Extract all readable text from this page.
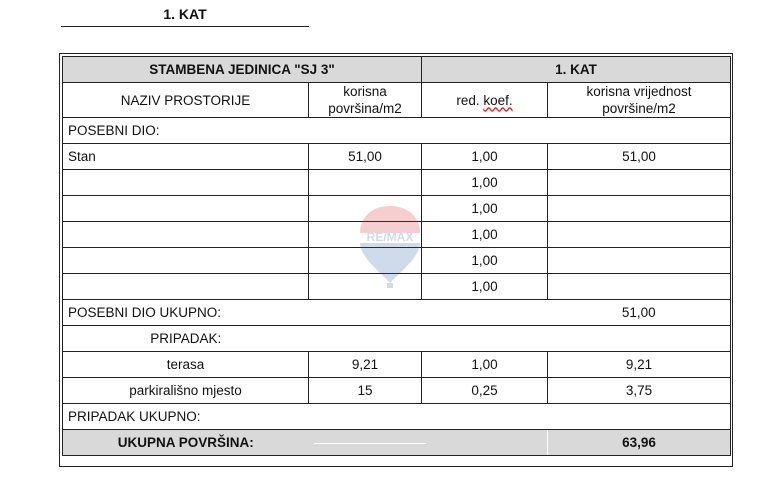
1. KAT
STAMBENA JEDINICA "SJ 3"		1. KAT	
NAZIV PROSTORIJE	korisna površina/m2	red. koef.	korisna vrijednost površine/m2
POSEBNI DIO:			
Stan	51,00	1,00	51,00
		1,00	
		1,00	
		1,00	
		1,00	
		1,00	
POSEBNI DIO UKUPNO:			51,00
PRIPADAK:			
terasa	9,21	1,00	9,21
parkirališno mjesto	15	0,25	3,75
PRIPADAK UKUPNO:			
UKUPNA POVRŠINA:			63,96
RE/MAX
